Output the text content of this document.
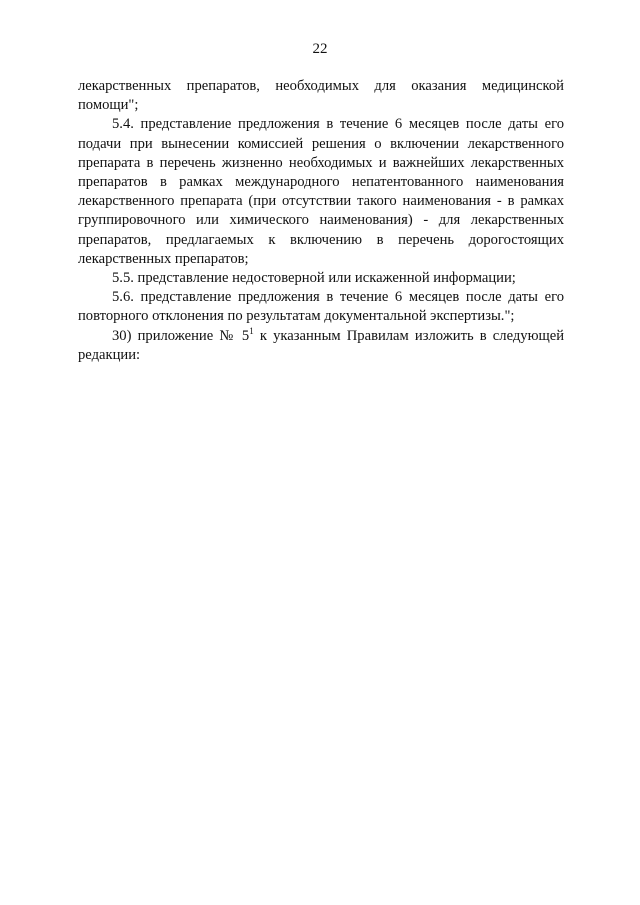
22

лекарственных препаратов, необходимых для оказания медицинской помощи";

5.4. представление предложения в течение 6 месяцев после даты его подачи при вынесении комиссией решения о включении лекарственного препарата в перечень жизненно необходимых и важнейших лекарственных препаратов в рамках международного непатентованного наименования лекарственного препарата (при отсутствии такого наименования - в рамках группировочного или химического наименования) - для лекарственных препаратов, предлагаемых к включению в перечень дорогостоящих лекарственных препаратов;

5.5. представление недостоверной или искаженной информации;

5.6. представление предложения в течение 6 месяцев после даты его повторного отклонения по результатам документальной экспертизы.";

30) приложение № $5^1$ к указанным Правилам изложить в следующей редакции:
